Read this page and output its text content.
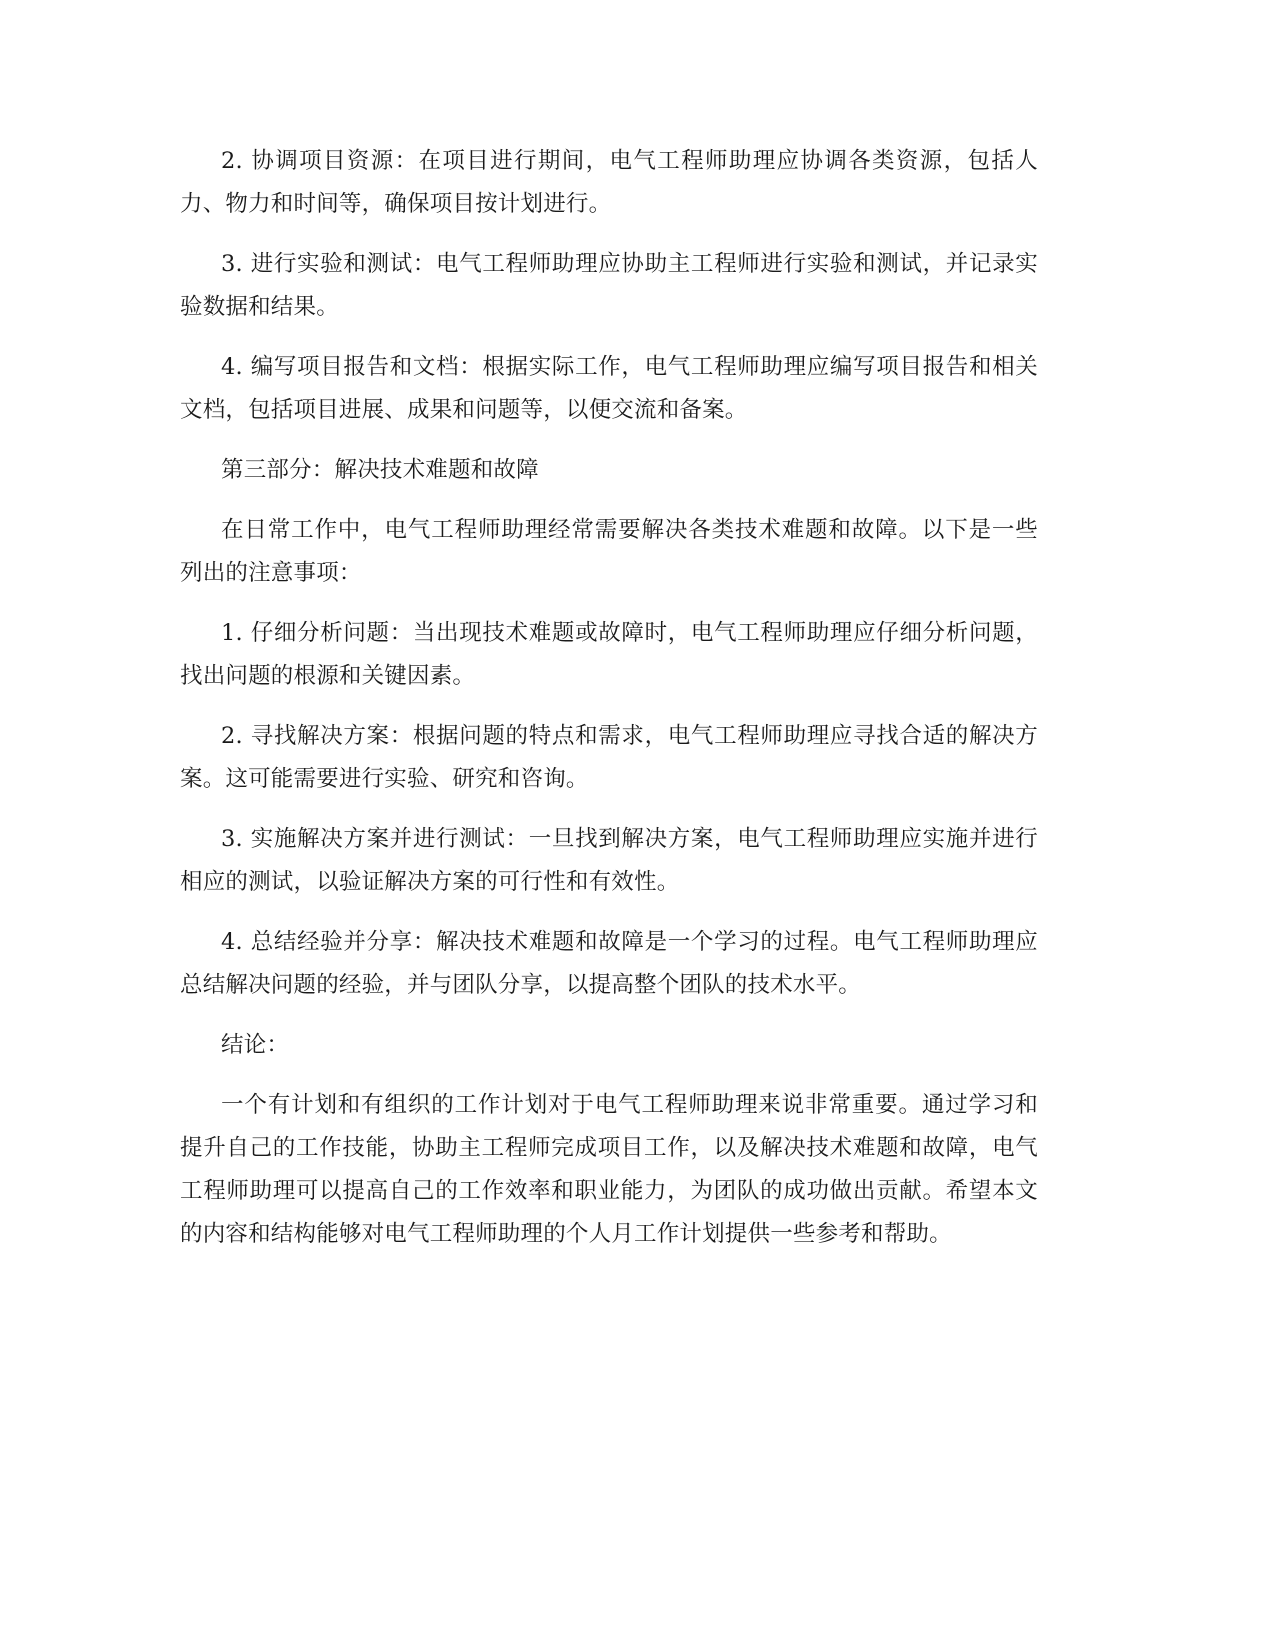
2. 协调项目资源：在项目进行期间，电气工程师助理应协调各类资源，包括人力、物力和时间等，确保项目按计划进行。

3. 进行实验和测试：电气工程师助理应协助主工程师进行实验和测试，并记录实验数据和结果。

4. 编写项目报告和文档：根据实际工作，电气工程师助理应编写项目报告和相关文档，包括项目进展、成果和问题等，以便交流和备案。

第三部分：解决技术难题和故障

在日常工作中，电气工程师助理经常需要解决各类技术难题和故障。以下是一些列出的注意事项：

1. 仔细分析问题：当出现技术难题或故障时，电气工程师助理应仔细分析问题，找出问题的根源和关键因素。

2. 寻找解决方案：根据问题的特点和需求，电气工程师助理应寻找合适的解决方案。这可能需要进行实验、研究和咨询。

3. 实施解决方案并进行测试：一旦找到解决方案，电气工程师助理应实施并进行相应的测试，以验证解决方案的可行性和有效性。

4. 总结经验并分享：解决技术难题和故障是一个学习的过程。电气工程师助理应总结解决问题的经验，并与团队分享，以提高整个团队的技术水平。

结论：

一个有计划和有组织的工作计划对于电气工程师助理来说非常重要。通过学习和提升自己的工作技能，协助主工程师完成项目工作，以及解决技术难题和故障，电气工程师助理可以提高自己的工作效率和职业能力，为团队的成功做出贡献。希望本文的内容和结构能够对电气工程师助理的个人月工作计划提供一些参考和帮助。
